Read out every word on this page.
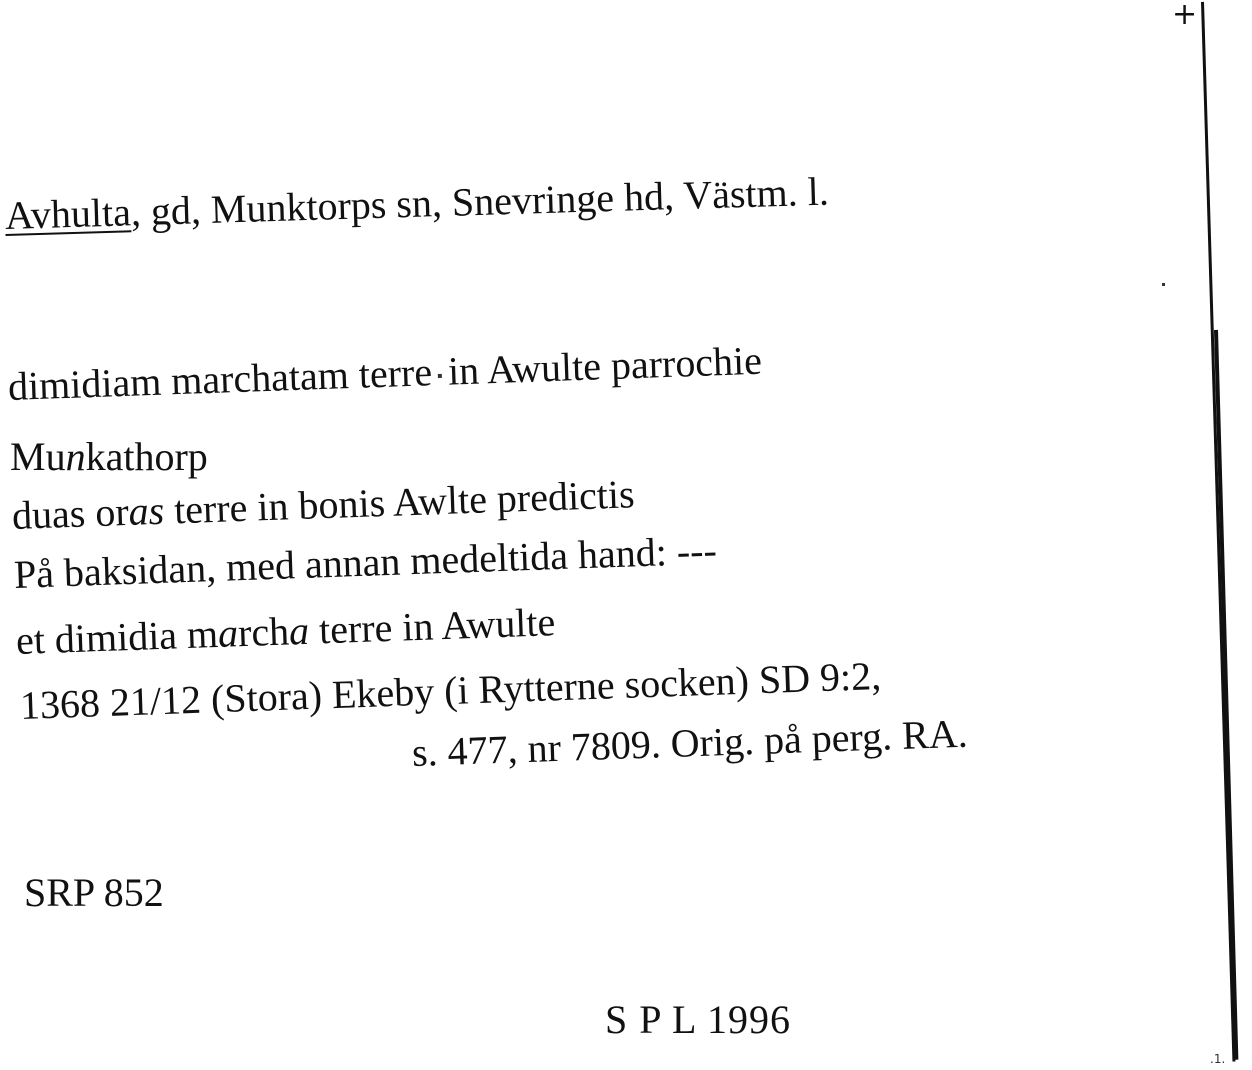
+
.1.
Avhulta, gd, Munktorps sn, Snevringe hd, Västm. l.
dimidiam marchatam terre in Awulte parrochie
Munkathorp
duas oras terre in bonis Awlte predictis
På baksidan, med annan medeltida hand: ---
et dimidia marcha terre in Awulte
1368 21/12 (Stora) Ekeby (i Rytterne socken) SD 9:2,
s. 477, nr 7809. Orig. på perg. RA.
SRP 852
S P L 1996
